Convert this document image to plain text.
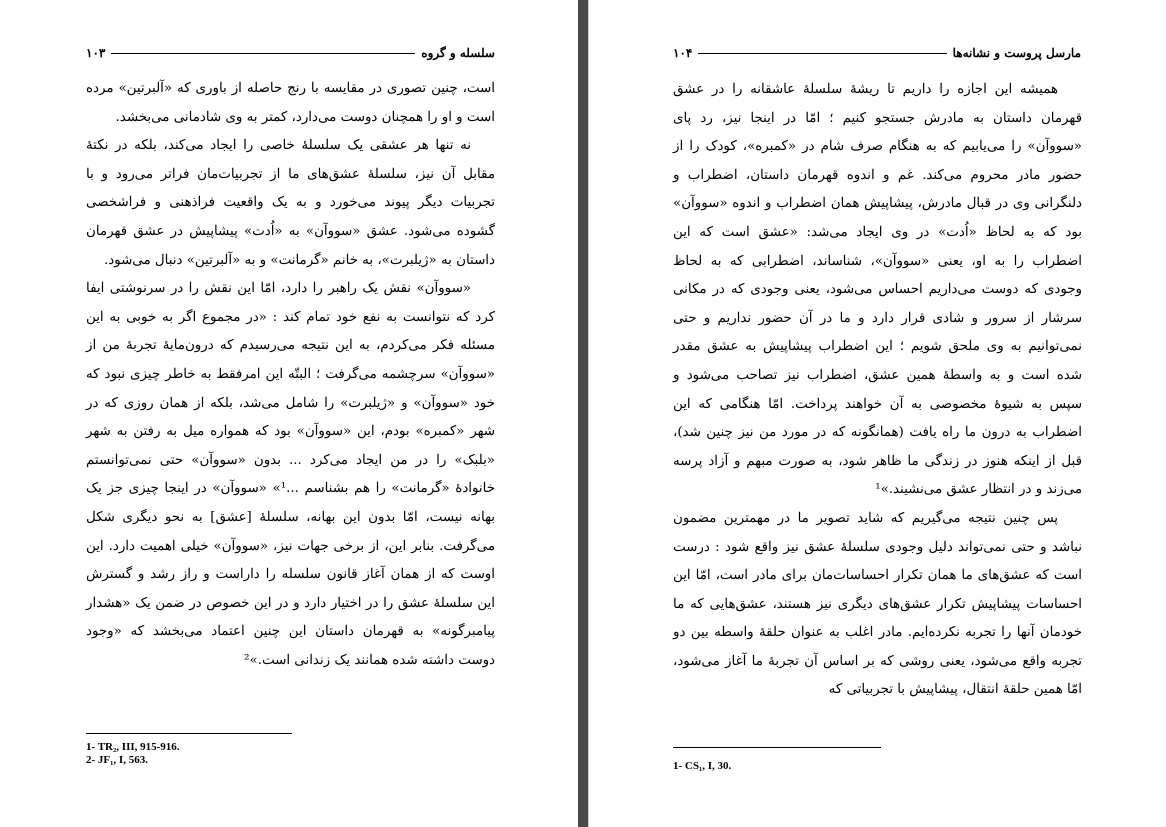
سلسله و گروه
۱۰۳

است، چنین تصوری در مقایسه با رنج حاصله از باوری که «آلبرتین» مرده است و او را همچنان دوست می‌دارد، کمتر به وی شادمانی می‌بخشد.

نه تنها هر عشقی یک سلسلهٔ خاصی را ایجاد می‌کند، بلکه در نکتهٔ مقابل آن نیز، سلسلهٔ عشق‌های ما از تجربیات‌مان فراتر می‌رود و با تجربیات دیگر پیوند می‌خورد و به یک واقعیت فراذهنی و فراشخصی گشوده می‌شود. عشق «سوو‌آن» به «اُدت» پیشاپیش در عشق قهرمان داستان به «ژیلبرت»، به خانم «گرمانت» و به «آلبرتین» دنبال می‌شود.

«سوو‌آن» نقش یک راهبر را دارد، امّا این نقش را در سرنوشتی ایفا کرد که نتوانست به نفع خود تمام کند : «در مجموع اگر به خوبی به این مسئله فکر می‌کردم، به این نتیجه می‌رسیدم که درون‌مایهٔ تجربهٔ من از «سوو‌آن» سرچشمه می‌گرفت ؛ البتّه این امرفقط به خاطر چیزی نبود که خود «سوو‌آن» و «ژیلبرت» را شامل می‌شد، بلکه از همان روزی که در شهر «کمبره» بودم، این «سوو‌آن» بود که همواره میل به رفتن به شهر «بلبک» را در من ایجاد می‌کرد ... بدون «سوو‌آن» حتی نمی‌توانستم خانوادهٔ «گرمانت» را هم بشناسم ...¹» «سوو‌آن» در اینجا چیزی جز یک بهانه نیست، امّا بدون این بهانه، سلسلهٔ [عشق] به نحو دیگری شکل می‌گرفت. بنابر این، از برخی جهات نیز، «سوو‌آن» خیلی اهمیت دارد. این اوست که از همان آغاز قانون سلسله را داراست و راز رشد و گسترش این سلسلهٔ عشق را در اختیار دارد و در این خصوص در ضمن یک «هشدار پیامبرگونه» به قهرمان داستان این چنین اعتماد می‌بخشد که «وجود دوست داشته شده همانند یک زندانی است.»²

1- TR₂, III, 915-916.
2- JF₁, I, 563.
مارسل پروست و نشانه‌ها
۱۰۴

همیشه این اجازه را داریم تا ریشهٔ سلسلهٔ عاشقانه را در عشق قهرمان داستان به مادرش جستجو کنیم ؛ امّا در اینجا نیز، رد پای «سوو‌آن» را می‌یابیم که به هنگام صرف شام در «کمبره»، کودک را از حضور مادر محروم می‌کند. غم و اندوه قهرمان داستان، اضطراب و دلنگرانی وی در قبال مادرش، پیشاپیش همان اضطراب و اندوه «سوو‌آن» بود که به لحاظ «اُدت» در وی ایجاد می‌شد: «عشق است که این اضطراب را به او، یعنی «سوو‌آن»، شناساند، اضطرابی که به لحاظ وجودی که دوست می‌داریم احساس می‌شود، یعنی وجودی که در مکانی سرشار از سرور و شادی قرار دارد و ما در آن حضور نداریم و حتی نمی‌توانیم به وی ملحق شویم ؛ این اضطراب پیشاپیش به عشق مقدر شده است و به واسطهٔ همین عشق، اضطراب نیز تصاحب می‌شود و سپس به شیوهٔ مخصوصی به آن خواهند پرداخت. امّا هنگامی که این اضطراب به درون ما راه یافت (همانگونه که در مورد من نیز چنین شد)، قبل از اینکه هنوز در زندگی ما ظاهر شود، به صورت مبهم و آزاد پرسه می‌زند و در انتظار عشق می‌نشیند.»¹

پس چنین نتیجه می‌گیریم که شاید تصویر ما در مهمترین مضمون نباشد و حتی نمی‌تواند دلیل وجودی سلسلهٔ عشق نیز واقع شود : درست است که عشق‌های ما همان تکرار احساسات‌مان برای مادر است، امّا این احساسات پیشاپیش تکرار عشق‌های دیگری نیز هستند، عشق‌هایی که ما خودمان آنها را تجربه نکرده‌ایم. مادر اغلب به عنوان حلقهٔ واسطه بین دو تجربه واقع می‌شود، یعنی روشی که بر اساس آن تجربهٔ ما آغاز می‌شود، امّا همین حلقهٔ انتقال، پیشاپیش با تجربیاتی که

1- CS₁, I, 30.
